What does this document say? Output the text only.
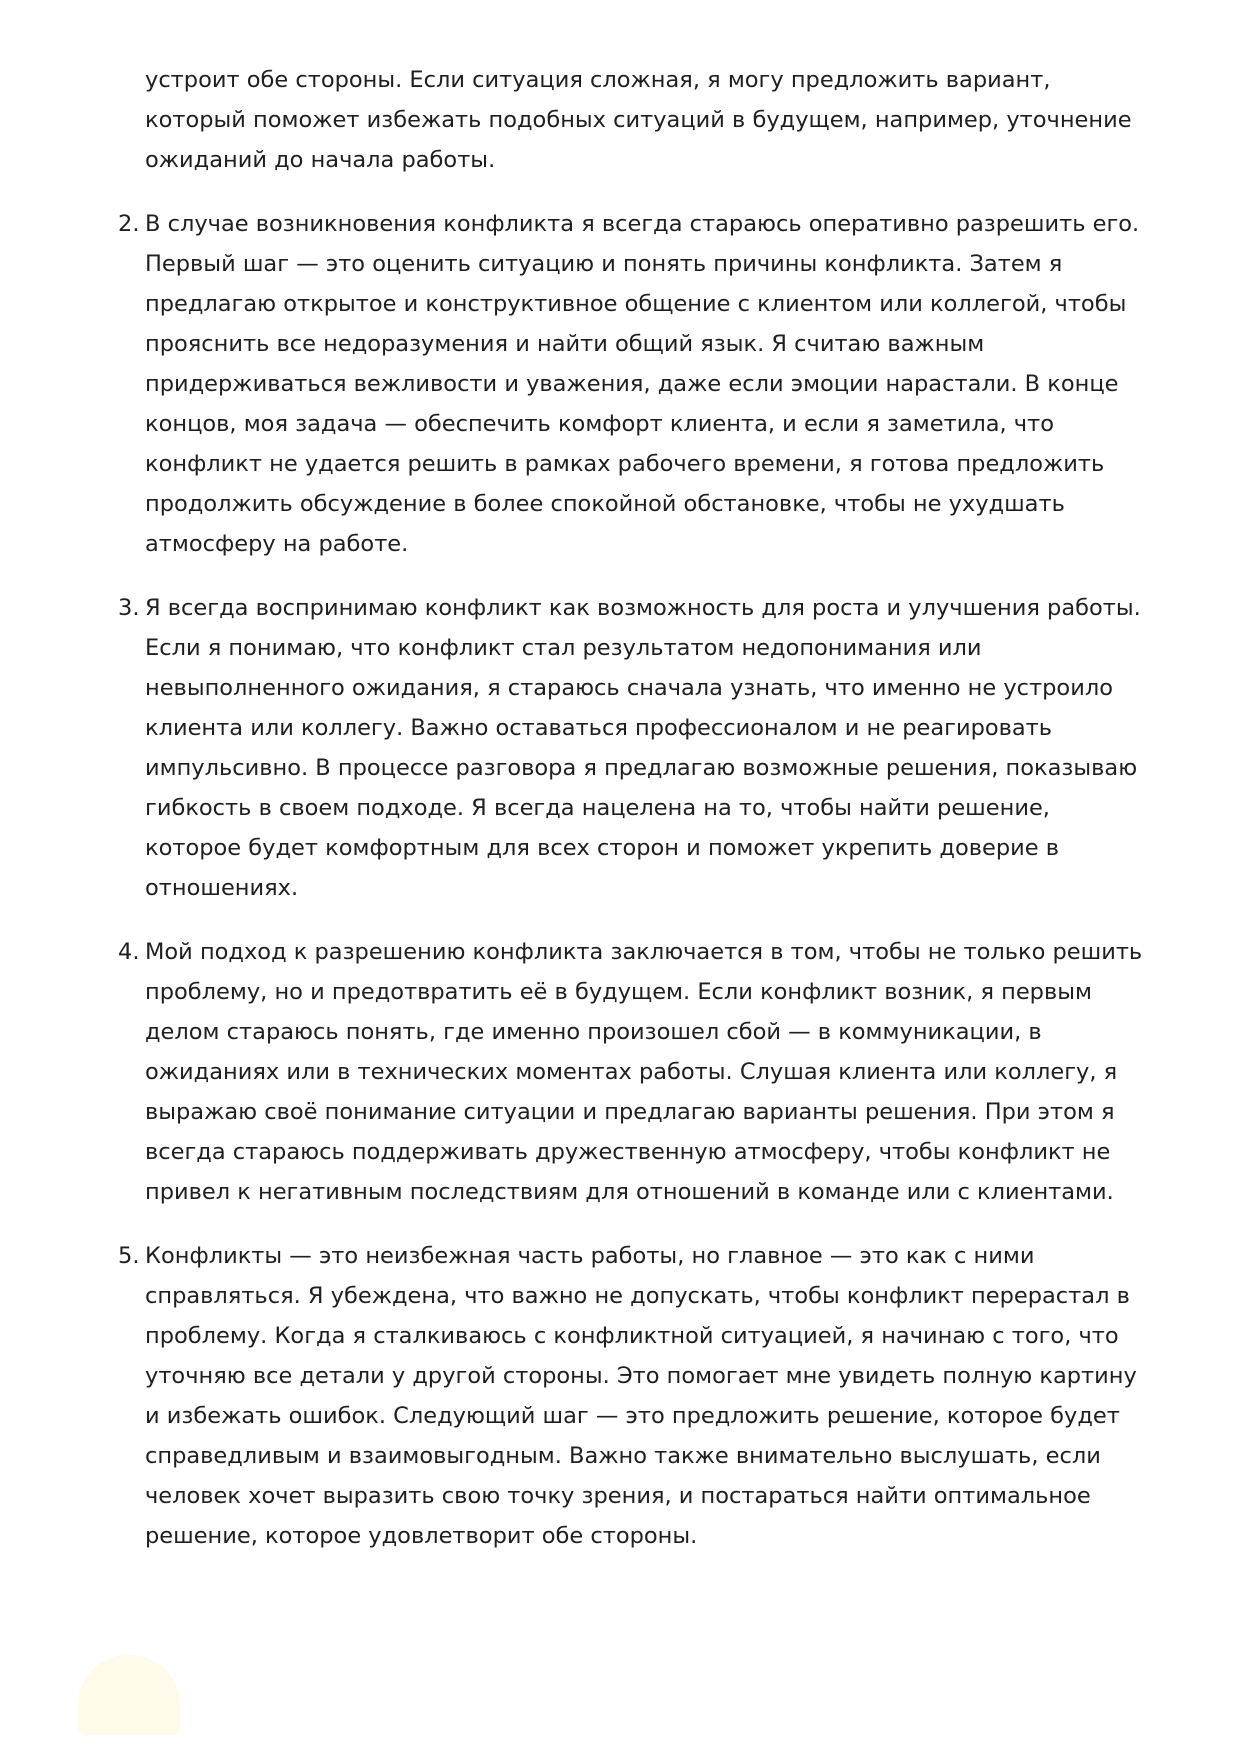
устроит обе стороны. Если ситуация сложная, я могу предложить вариант, который поможет избежать подобных ситуаций в будущем, например, уточнение ожиданий до начала работы.

2. В случае возникновения конфликта я всегда стараюсь оперативно разрешить его. Первый шаг — это оценить ситуацию и понять причины конфликта. Затем я предлагаю открытое и конструктивное общение с клиентом или коллегой, чтобы прояснить все недоразумения и найти общий язык. Я считаю важным придерживаться вежливости и уважения, даже если эмоции нарастали. В конце концов, моя задача — обеспечить комфорт клиента, и если я заметила, что конфликт не удается решить в рамках рабочего времени, я готова предложить продолжить обсуждение в более спокойной обстановке, чтобы не ухудшать атмосферу на работе.

3. Я всегда воспринимаю конфликт как возможность для роста и улучшения работы. Если я понимаю, что конфликт стал результатом недопонимания или невыполненного ожидания, я стараюсь сначала узнать, что именно не устроило клиента или коллегу. Важно оставаться профессионалом и не реагировать импульсивно. В процессе разговора я предлагаю возможные решения, показываю гибкость в своем подходе. Я всегда нацелена на то, чтобы найти решение, которое будет комфортным для всех сторон и поможет укрепить доверие в отношениях.

4. Мой подход к разрешению конфликта заключается в том, чтобы не только решить проблему, но и предотвратить её в будущем. Если конфликт возник, я первым делом стараюсь понять, где именно произошел сбой — в коммуникации, в ожиданиях или в технических моментах работы. Слушая клиента или коллегу, я выражаю своё понимание ситуации и предлагаю варианты решения. При этом я всегда стараюсь поддерживать дружественную атмосферу, чтобы конфликт не привел к негативным последствиям для отношений в команде или с клиентами.

5. Конфликты — это неизбежная часть работы, но главное — это как с ними справляться. Я убеждена, что важно не допускать, чтобы конфликт перерастал в проблему. Когда я сталкиваюсь с конфликтной ситуацией, я начинаю с того, что уточняю все детали у другой стороны. Это помогает мне увидеть полную картину и избежать ошибок. Следующий шаг — это предложить решение, которое будет справедливым и взаимовыгодным. Важно также внимательно выслушать, если человек хочет выразить свою точку зрения, и постараться найти оптимальное решение, которое удовлетворит обе стороны.
